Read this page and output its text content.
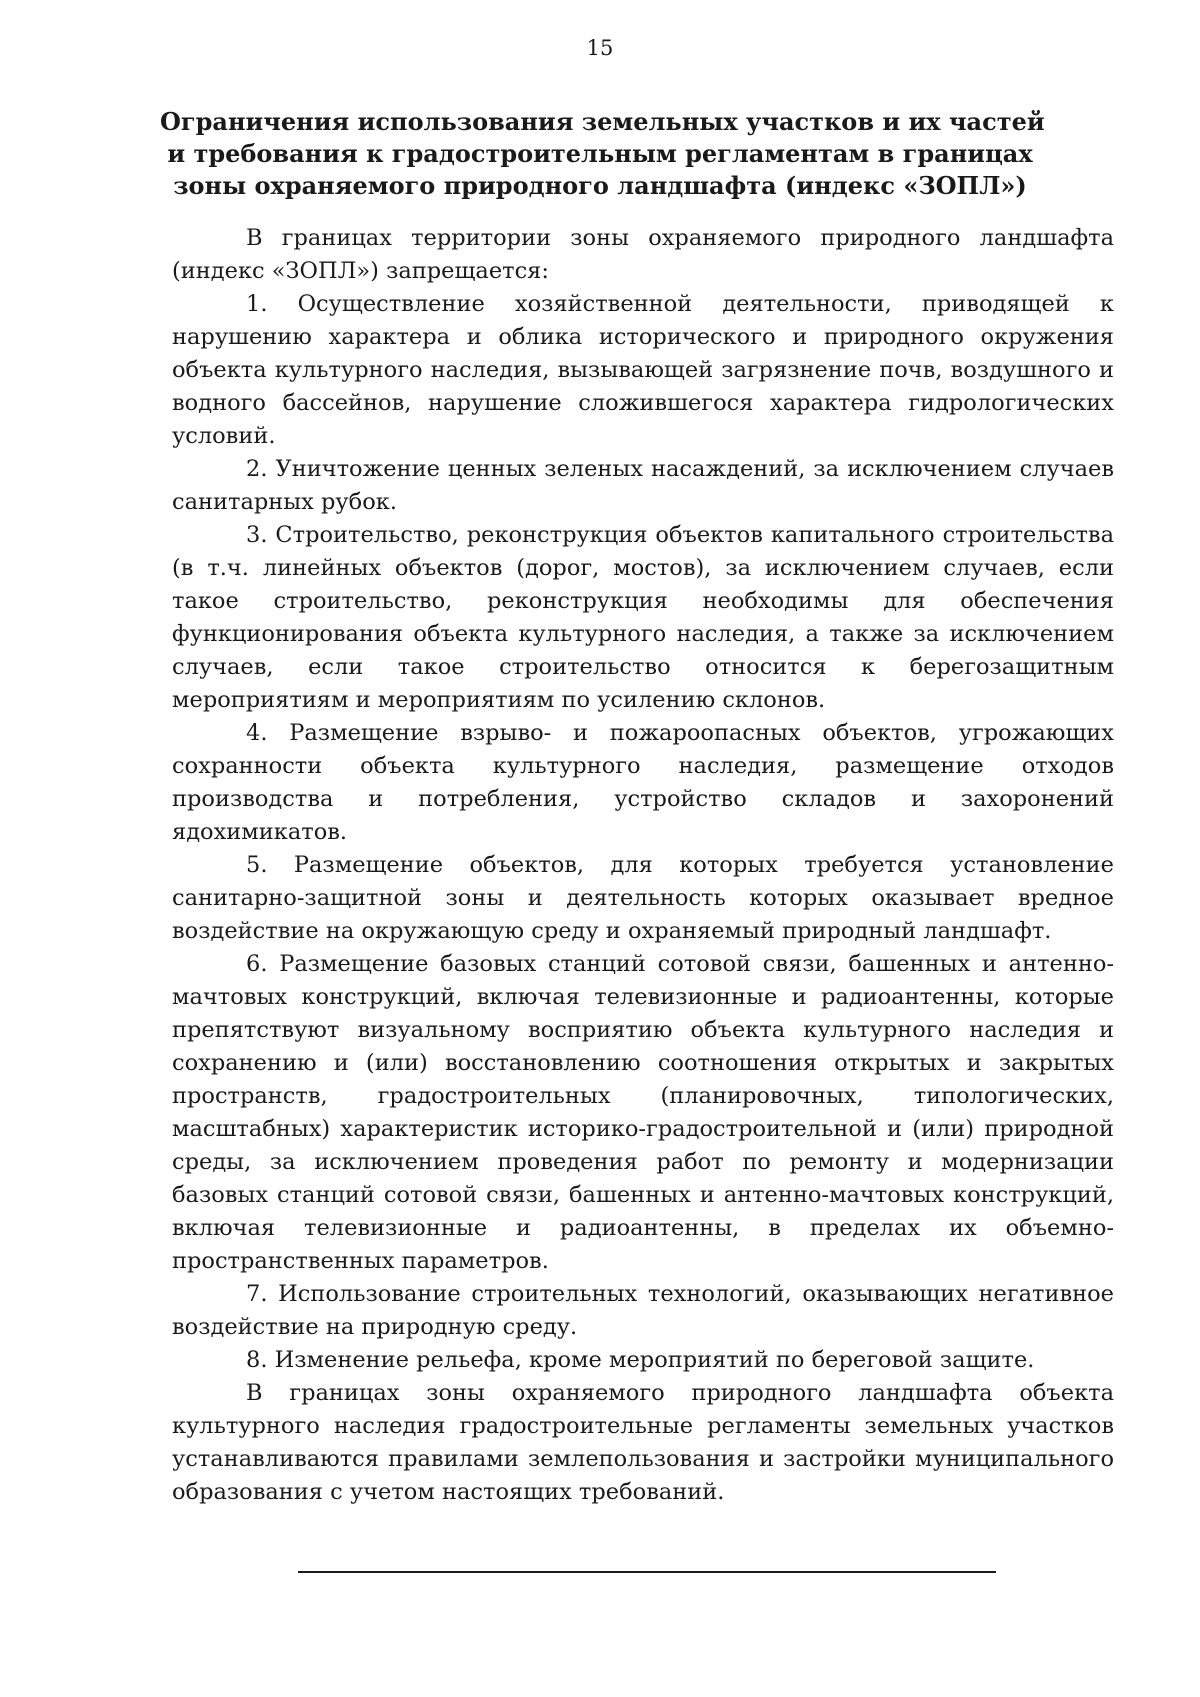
15
Ограничения использования земельных участков и их частей
и требования к градостроительным регламентам в границах
зоны охраняемого природного ландшафта (индекс «ЗОПЛ»)

В границах территории зоны охраняемого природного ландшафта (индекс «ЗОПЛ») запрещается:

1. Осуществление хозяйственной деятельности, приводящей к нарушению характера и облика исторического и природного окружения объекта культурного наследия, вызывающей загрязнение почв, воздушного и водного бассейнов, нарушение сложившегося характера гидрологических условий.

2. Уничтожение ценных зеленых насаждений, за исключением случаев санитарных рубок.

3. Строительство, реконструкция объектов капитального строительства (в т.ч. линейных объектов (дорог, мостов), за исключением случаев, если такое строительство, реконструкция необходимы для обеспечения функционирования объекта культурного наследия, а также за исключением случаев, если такое строительство относится к берегозащитным мероприятиям и мероприятиям по усилению склонов.

4. Размещение взрыво- и пожароопасных объектов, угрожающих сохранности объекта культурного наследия, размещение отходов производства и потребления, устройство складов и захоронений ядохимикатов.

5. Размещение объектов, для которых требуется установление санитарно-защитной зоны и деятельность которых оказывает вредное воздействие на окружающую среду и охраняемый природный ландшафт.

6. Размещение базовых станций сотовой связи, башенных и антенно-мачтовых конструкций, включая телевизионные и радиоантенны, которые препятствуют визуальному восприятию объекта культурного наследия и сохранению и (или) восстановлению соотношения открытых и закрытых пространств, градостроительных (планировочных, типологических, масштабных) характеристик историко-градостроительной и (или) природной среды, за исключением проведения работ по ремонту и модернизации базовых станций сотовой связи, башенных и антенно-мачтовых конструкций, включая телевизионные и радиоантенны, в пределах их объемно-пространственных параметров.

7. Использование строительных технологий, оказывающих негативное воздействие на природную среду.

8. Изменение рельефа, кроме мероприятий по береговой защите.

В границах зоны охраняемого природного ландшафта объекта культурного наследия градостроительные регламенты земельных участков устанавливаются правилами землепользования и застройки муниципального образования с учетом настоящих требований.
